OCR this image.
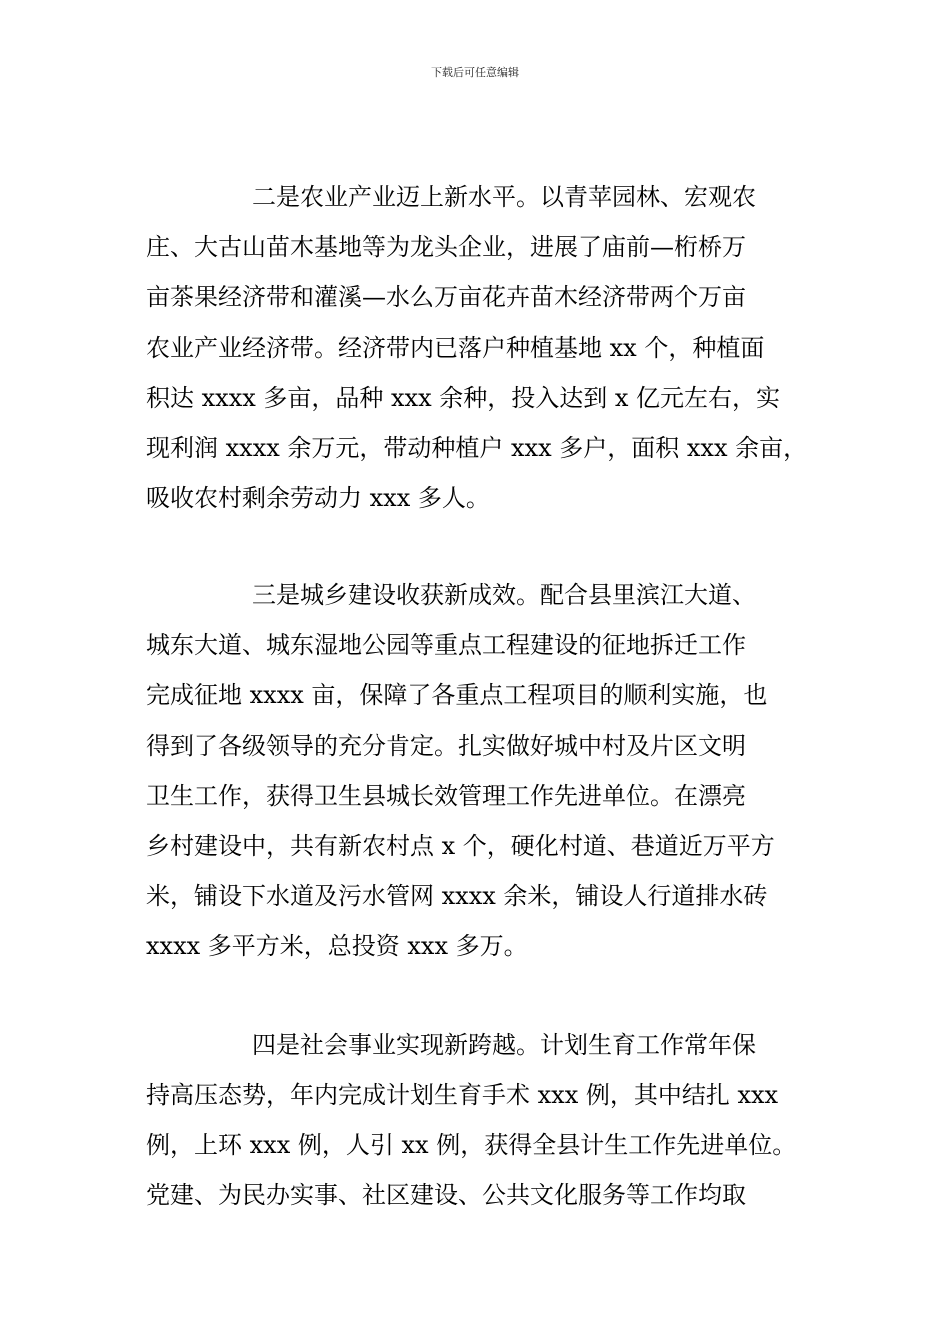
下载后可任意编辑
二是农业产业迈上新水平。以青苹园林、宏观农
庄、大古山苗木基地等为龙头企业，进展了庙前—桁桥万
亩茶果经济带和灌溪—水么万亩花卉苗木经济带两个万亩
农业产业经济带。经济带内已落户种植基地 xx 个，种植面
积达 xxxx 多亩，品种 xxx 余种，投入达到 x 亿元左右，实
现利润 xxxx 余万元，带动种植户 xxx 多户，面积 xxx 余亩，
吸收农村剩余劳动力 xxx 多人。
三是城乡建设收获新成效。配合县里滨江大道、
城东大道、城东湿地公园等重点工程建设的征地拆迁工作
完成征地 xxxx 亩，保障了各重点工程项目的顺利实施，也
得到了各级领导的充分肯定。扎实做好城中村及片区文明
卫生工作，获得卫生县城长效管理工作先进单位。在漂亮
乡村建设中，共有新农村点 x 个，硬化村道、巷道近万平方
米，铺设下水道及污水管网 xxxx 余米，铺设人行道排水砖
xxxx 多平方米，总投资 xxx 多万。
四是社会事业实现新跨越。计划生育工作常年保
持高压态势，年内完成计划生育手术 xxx 例，其中结扎 xxx
例，上环 xxx 例，人引 xx 例，获得全县计生工作先进单位。
党建、为民办实事、社区建设、公共文化服务等工作均取
